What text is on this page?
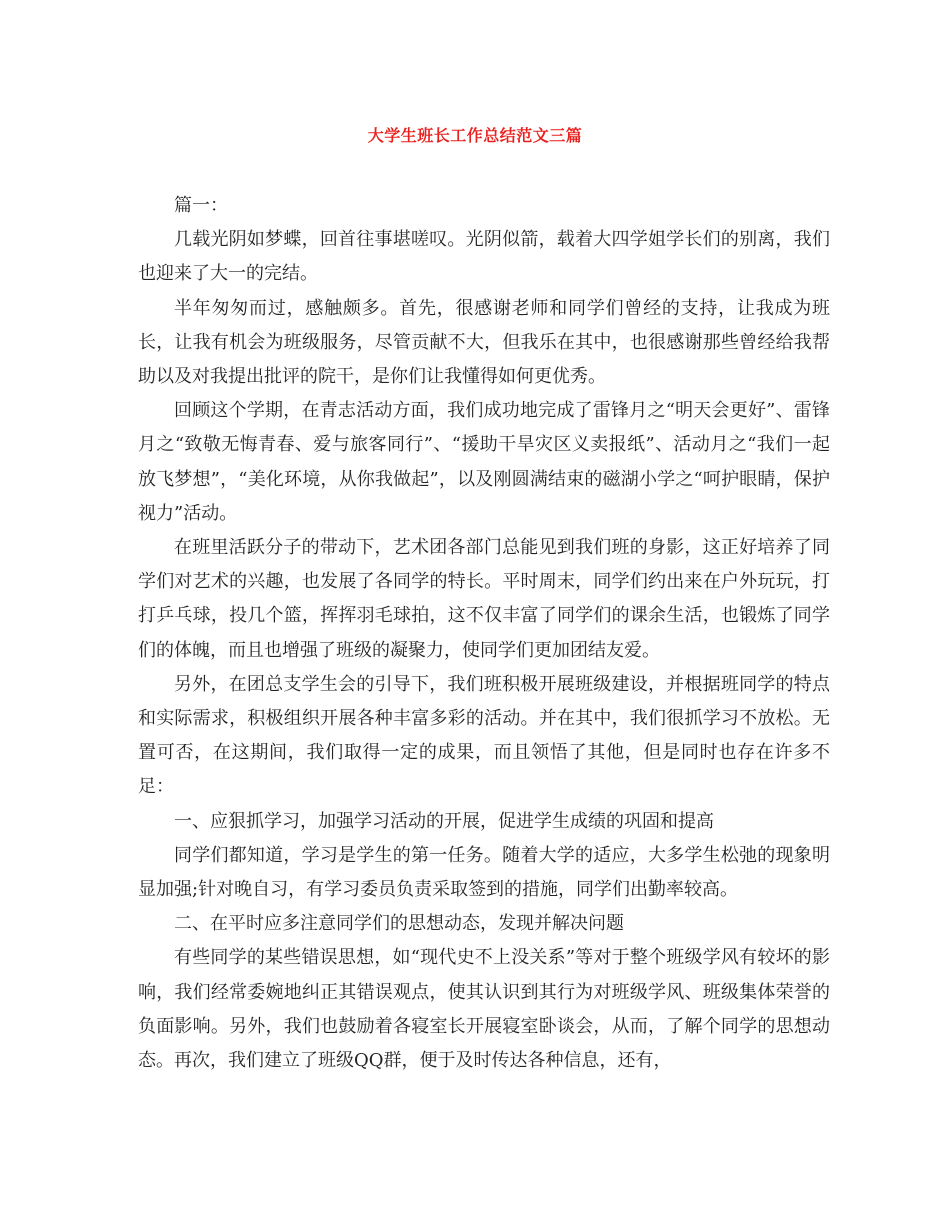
大学生班长工作总结范文三篇

篇一：

几载光阴如梦蝶，回首往事堪嗟叹。光阴似箭，载着大四学姐学长们的别离，我们也迎来了大一的完结。

半年匆匆而过，感触颇多。首先，很感谢老师和同学们曾经的支持，让我成为班长，让我有机会为班级服务，尽管贡献不大，但我乐在其中，也很感谢那些曾经给我帮助以及对我提出批评的院干，是你们让我懂得如何更优秀。

回顾这个学期，在青志活动方面，我们成功地完成了雷锋月之“明天会更好”、雷锋月之“致敬无悔青春、爱与旅客同行”、“援助干旱灾区义卖报纸”、活动月之“我们一起放飞梦想”，“美化环境，从你我做起”，以及刚圆满结束的磁湖小学之“呵护眼睛，保护视力”活动。

在班里活跃分子的带动下，艺术团各部门总能见到我们班的身影，这正好培养了同学们对艺术的兴趣，也发展了各同学的特长。平时周末，同学们约出来在户外玩玩，打打乒乓球，投几个篮，挥挥羽毛球拍，这不仅丰富了同学们的课余生活，也锻炼了同学们的体魄，而且也增强了班级的凝聚力，使同学们更加团结友爱。

另外，在团总支学生会的引导下，我们班积极开展班级建设，并根据班同学的特点和实际需求，积极组织开展各种丰富多彩的活动。并在其中，我们很抓学习不放松。无置可否，在这期间，我们取得一定的成果，而且领悟了其他，但是同时也存在许多不足：

一、应狠抓学习，加强学习活动的开展，促进学生成绩的巩固和提高

同学们都知道，学习是学生的第一任务。随着大学的适应，大多学生松弛的现象明显加强;针对晚自习，有学习委员负责采取签到的措施，同学们出勤率较高。

二、在平时应多注意同学们的思想动态，发现并解决问题

有些同学的某些错误思想，如“现代史不上没关系”等对于整个班级学风有较坏的影响，我们经常委婉地纠正其错误观点，使其认识到其行为对班级学风、班级集体荣誉的负面影响。另外，我们也鼓励着各寝室长开展寝室卧谈会，从而，了解个同学的思想动态。再次，我们建立了班级QQ群，便于及时传达各种信息，还有，
